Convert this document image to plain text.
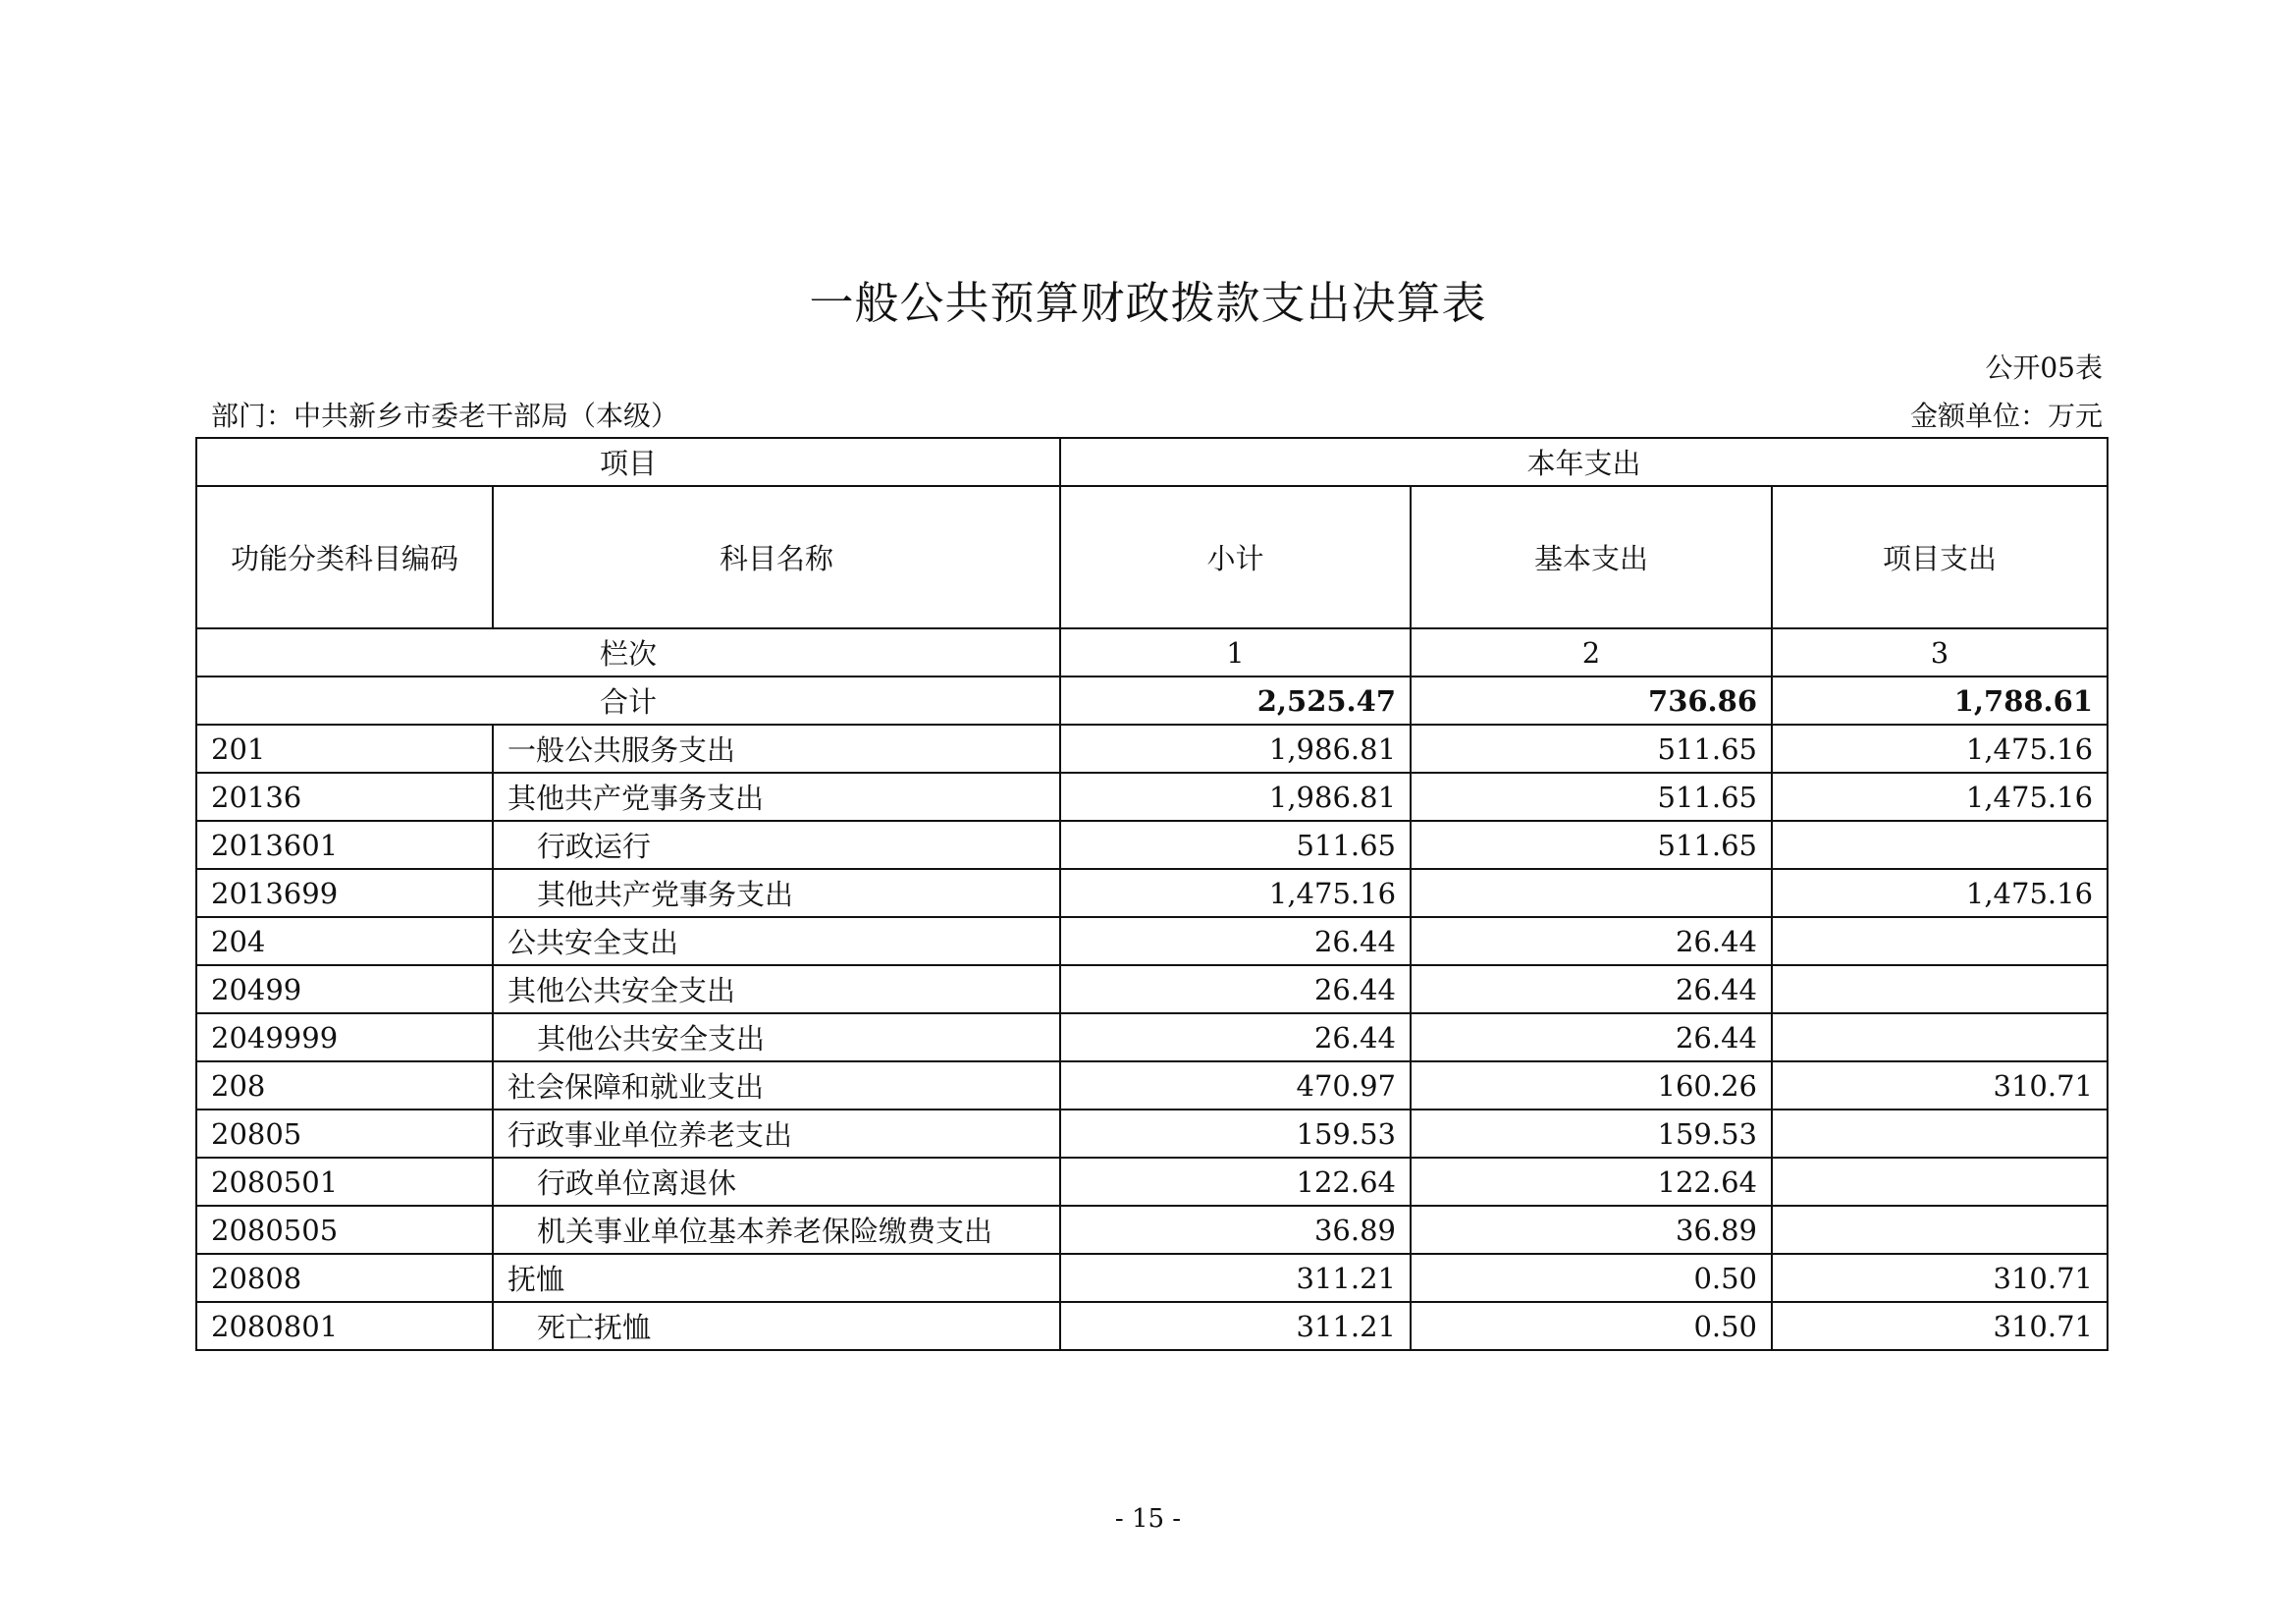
一般公共预算财政拨款支出决算表
公开05表
部门：中共新乡市委老干部局（本级）	金额单位：万元
项目		本年支出		
功能分类科目编码	科目名称	小计	基本支出	项目支出
栏次		1	2	3
合计		2,525.47	736.86	1,788.61
201	一般公共服务支出	1,986.81	511.65	1,475.16
20136	其他共产党事务支出	1,986.81	511.65	1,475.16
2013601	行政运行	511.65	511.65	
2013699	其他共产党事务支出	1,475.16		1,475.16
204	公共安全支出	26.44	26.44	
20499	其他公共安全支出	26.44	26.44	
2049999	其他公共安全支出	26.44	26.44	
208	社会保障和就业支出	470.97	160.26	310.71
20805	行政事业单位养老支出	159.53	159.53	
2080501	行政单位离退休	122.64	122.64	
2080505	机关事业单位基本养老保险缴费支出	36.89	36.89	
20808	抚恤	311.21	0.50	310.71
2080801	死亡抚恤	311.21	0.50	310.71
- 15 -
